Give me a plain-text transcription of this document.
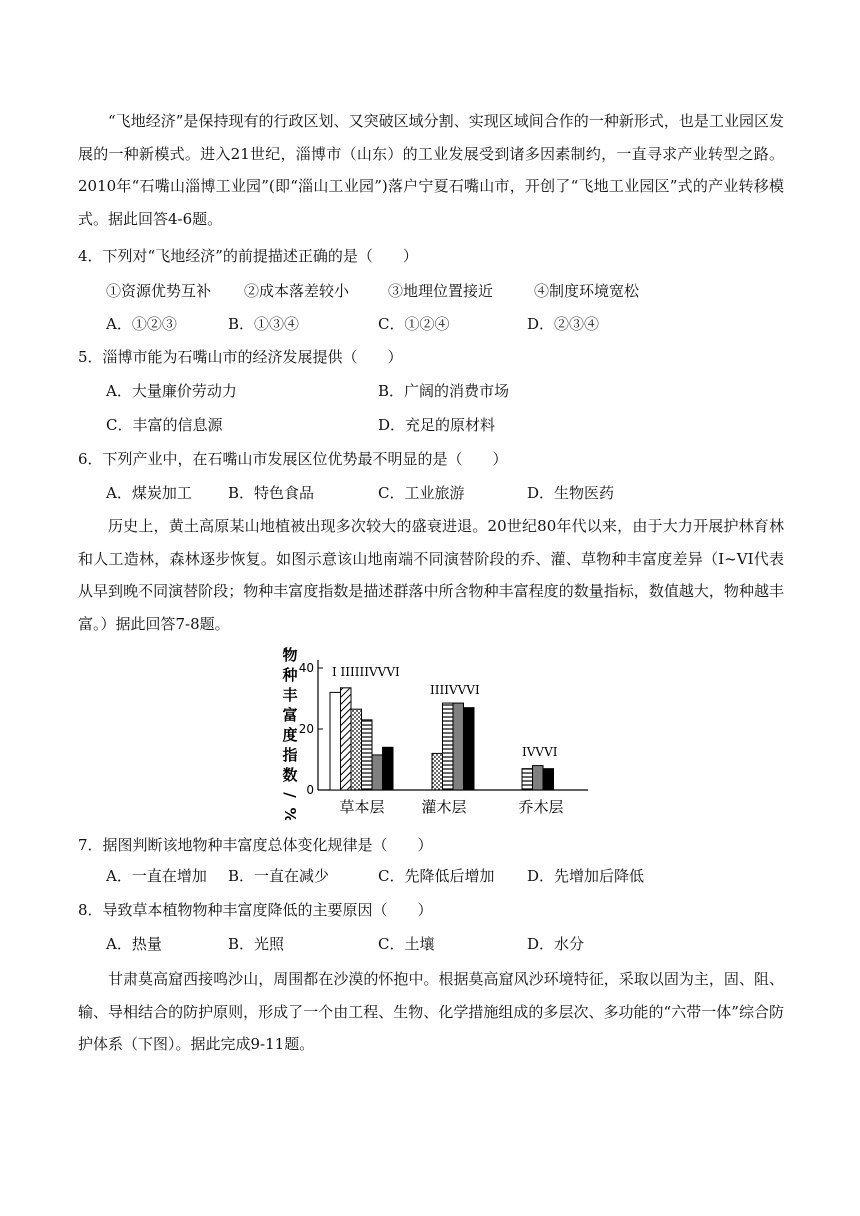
“飞地经济”是保持现有的行政区划、又突破区域分割、实现区域间合作的一种新形式，也是工业园区发展的一种新模式。进入21世纪，淄博市（山东）的工业发展受到诸多因素制约，一直寻求产业转型之路。2010年“石嘴山淄博工业园”(即“淄山工业园”)落户宁夏石嘴山市，开创了“飞地工业园区”式的产业转移模式。据此回答4-6题。
4．下列对“飞地经济”的前提描述正确的是（　　）
①资源优势互补 ②成本落差较小	③地理位置接近	④制度环境宽松
A．①②③	B．①③④	C．①②④	D．②③④
5．淄博市能为石嘴山市的经济发展提供（　　）
A．大量廉价劳动力	B．广阔的消费市场
C．丰富的信息源	D．充足的原材料
6．下列产业中，在石嘴山市发展区位优势最不明显的是（　　）
A．煤炭加工 B．特色食品	C．工业旅游	D．生物医药
历史上，黄土高原某山地植被出现多次较大的盛衰进退。20世纪80年代以来，由于大力开展护林育林和人工造林，森林逐步恢复。如图示意该山地南端不同演替阶段的乔、灌、草物种丰富度差异（I~VI代表从早到晚不同演替阶段；物种丰富度指数是描述群落中所含物种丰富程度的数量指标，数值越大，物种越丰富。）据此回答7-8题。
物
种
丰
富
度
指
数
/
%
0
20
40 I IIIIIIVVVI
IIIIVVVI
IVVVI
草本层 灌木层	乔木层
7．据图判断该地物种丰富度总体变化规律是（　　）
A．一直在增加 B．一直在减少	C．先降低后增加 D．先增加后降低
8．导致草本植物物种丰富度降低的主要原因（　　）
A．热量	B．光照	C．土壤	D．水分
甘肃莫高窟西接鸣沙山，周围都在沙漠的怀抱中。根据莫高窟风沙环境特征，采取以固为主，固、阻、输、导相结合的防护原则，形成了一个由工程、生物、化学措施组成的多层次、多功能的“六带一体”综合防护体系（下图）。据此完成9-11题。
